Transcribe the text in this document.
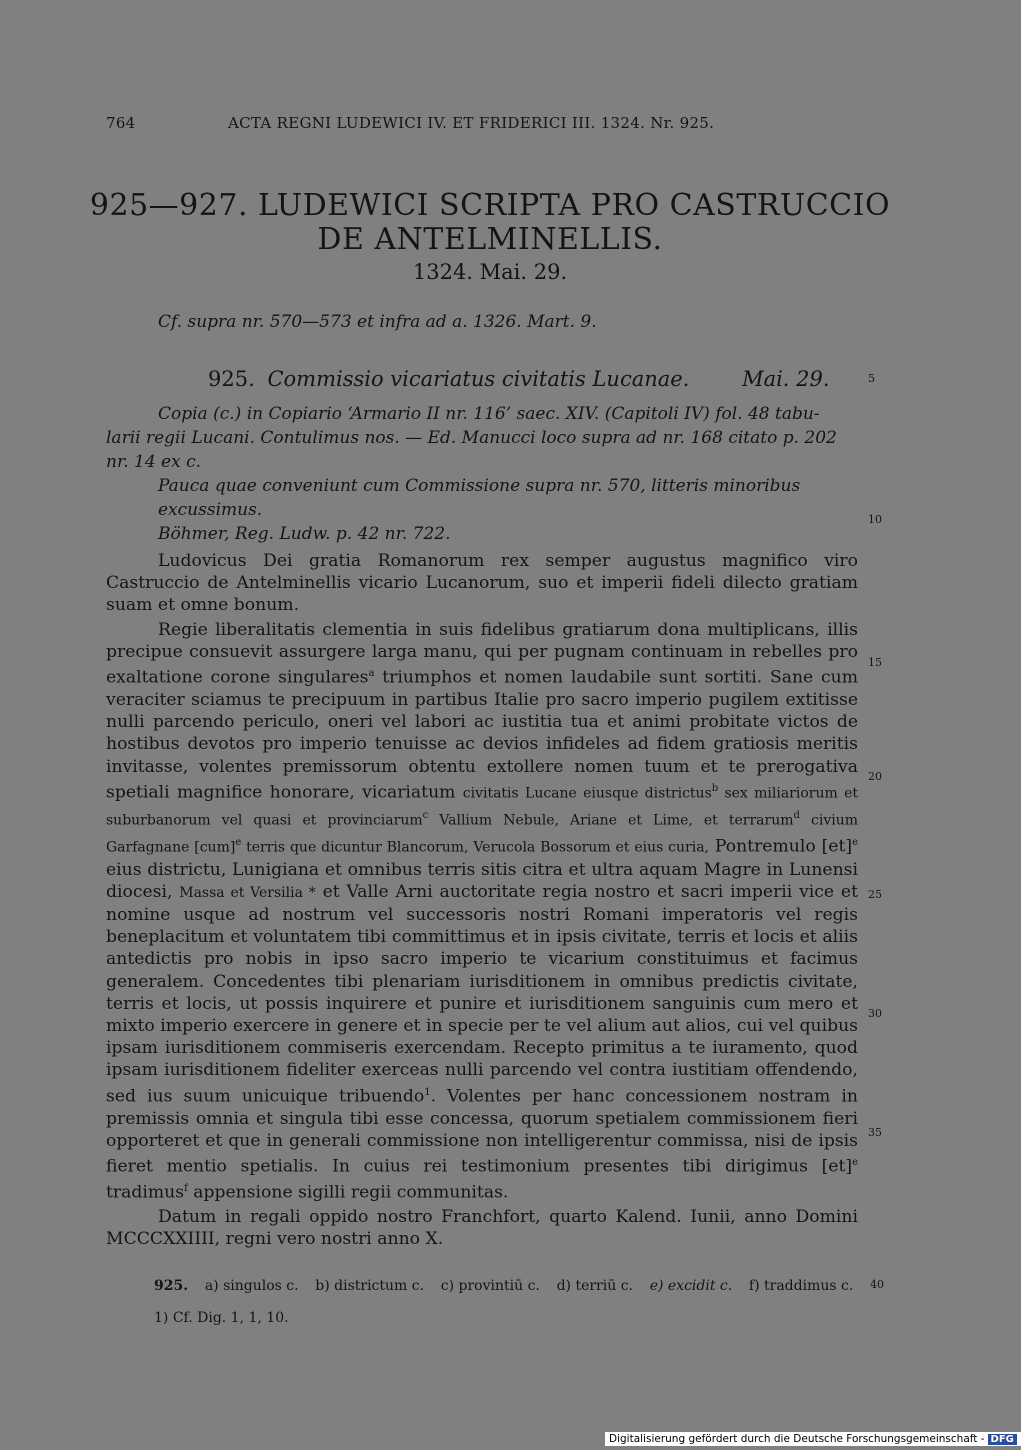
764	ACTA REGNI LUDEWICI IV. ET FRIDERICI III. 1324. Nr. 925.
925—927. LUDEWICI SCRIPTA PRO CASTRUCCIO
DE ANTELMINELLIS.
1324. Mai. 29.
Cf. supra nr. 570—573 et infra ad a. 1326. Mart. 9.
925. Commissio vicariatus civitatis Lucanae.	Mai. 29.	5
Copia (c.) in Copiario ‘Armario II nr. 116’ saec. XIV. (Capitoli IV) fol. 48 tabu-
larii regii Lucani. Contulimus nos. — Ed. Manucci loco supra ad nr. 168 citato p. 202
nr. 14 ex c.
Pauca quae conveniunt cum Commissione supra nr. 570, litteris minoribus excussimus.
Böhmer, Reg. Ludw. p. 42 nr. 722.
10

Ludovicus Dei gratia Romanorum rex semper augustus magnifico viro Castruccio de Antelminellis vicario Lucanorum, suo et imperii fideli dilecto gratiam suam et omne bonum.

Regie liberalitatis clementia in suis fidelibus gratiarum dona multiplicans, illis precipue consuevit assurgere larga manu, qui per pugnam continuam in rebelles pro exaltatione corone singulares$^a$ triumphos et nomen laudabile sunt sortiti. Sane cum veraciter sciamus te precipuum in partibus Italie pro sacro imperio pugilem extitisse nulli parcendo periculo, oneri vel labori ac iustitia tua et animi probitate victos de hostibus devotos pro imperio tenuisse ac devios infideles ad fidem gratiosis meritis invitasse, volentes premissorum obtentu extollere nomen tuum et te prerogativa spetiali magnifice honorare, vicariatum civitatis Lucane eiusque districtus$^b$ sex miliariorum et suburbanorum vel quasi et provinciarum$^c$ Vallium Nebule, Ariane et Lime, et terrarum$^d$ civium Garfagnane [cum]$^e$ terris que dicuntur Blancorum, Verucola Bossorum et eius curia, Pontremulo [et]$^e$ eius districtu, Lunigiana et omnibus terris sitis citra et ultra aquam Magre in Lunensi diocesi, Massa et Versilia * et Valle Arni auctoritate regia nostro et sacri imperii vice et nomine usque ad nostrum vel successoris nostri Romani imperatoris vel regis beneplacitum et voluntatem tibi committimus et in ipsis civitate, terris et locis et aliis antedictis pro nobis in ipso sacro imperio te vicarium constituimus et facimus generalem. Concedentes tibi plenariam iurisditionem in omnibus predictis civitate, terris et locis, ut possis inquirere et punire et iurisditionem sanguinis cum mero et mixto imperio exercere in genere et in specie per te vel alium aut alios, cui vel quibus ipsam iurisditionem commiseris exercendam. Recepto primitus a te iuramento, quod ipsam iurisditionem fideliter exerceas nulli parcendo vel contra iustitiam offendendo, sed ius suum unicuique tribuendo$^1$. Volentes per hanc concessionem nostram in premissis omnia et singula tibi esse concessa, quorum spetialem commissionem fieri opporteret et que in generali commissione non intelligerentur commissa, nisi de ipsis fieret mentio spetialis. In cuius rei testimonium presentes tibi dirigimus [et]$^e$ tradimus$^f$ appensione sigilli regii communitas.

Datum in regali oppido nostro Franchfort, quarto Kalend. Iunii, anno Domini MCCCXXIIII, regni vero nostri anno X.

15
20
25
30
35
925. a) singulos c. b) districtum c. c) provintiū c. d) terriū c. e) excidit c. f) traddimus c. 40
1) Cf. Dig. 1, 1, 10.
Digitalisierung gefördert durch die Deutsche Forschungsgemeinschaft - DFG
